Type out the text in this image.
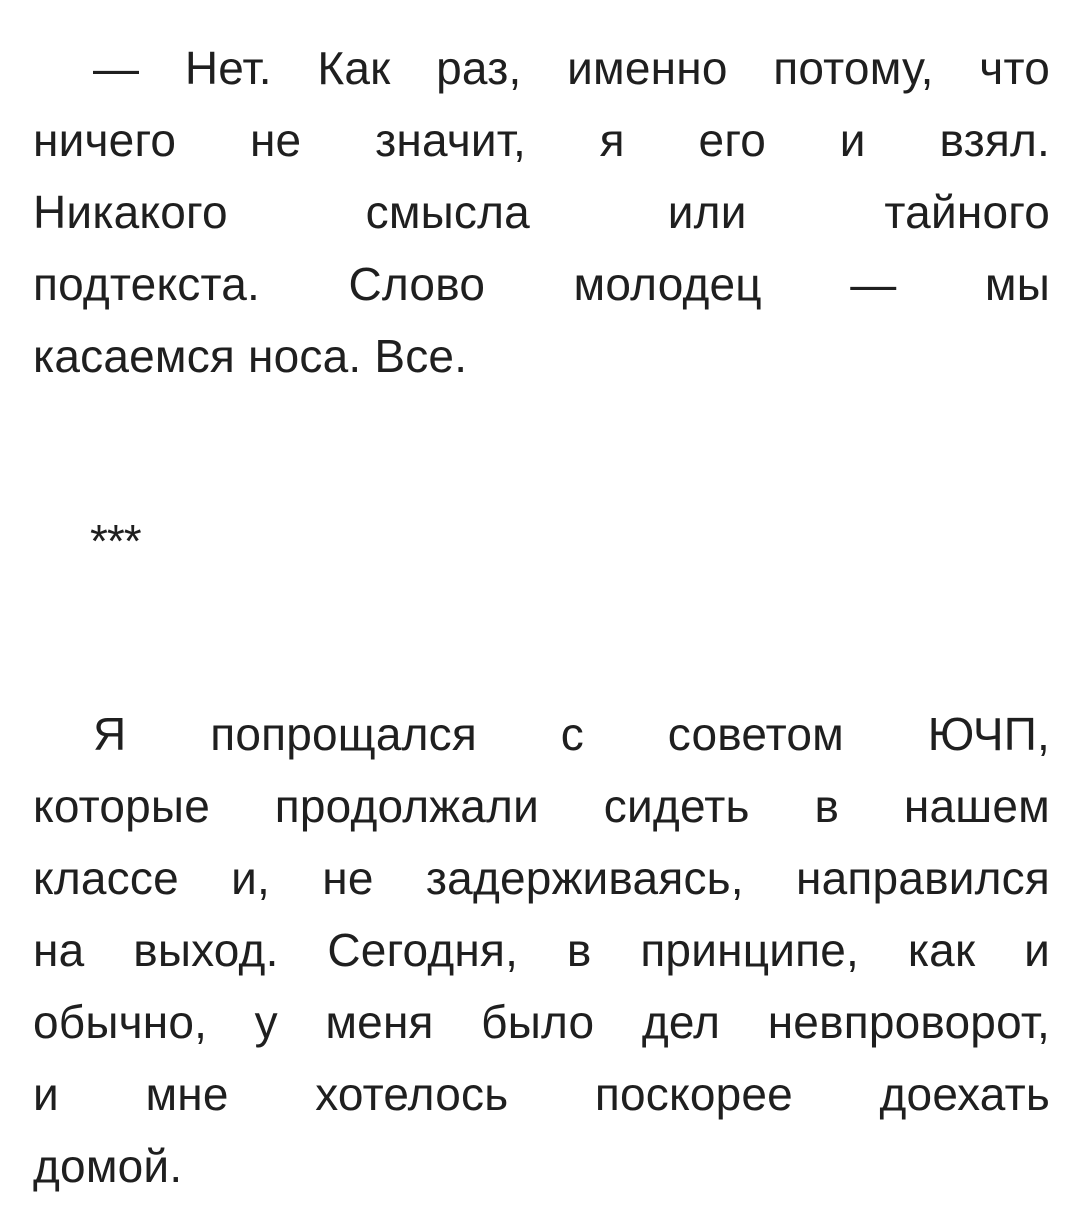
— Нет. Как раз, именно потому, что
ничего не значит, я его и взял.
Никакого смысла или тайного
подтекста. Слово молодец — мы
касаемся носа. Все.
***
Я попрощался с советом ЮЧП,
которые продолжали сидеть в нашем
классе и, не задерживаясь, направился
на выход. Сегодня, в принципе, как и
обычно, у меня было дел невпроворот,
и мне хотелось поскорее доехать
домой.
